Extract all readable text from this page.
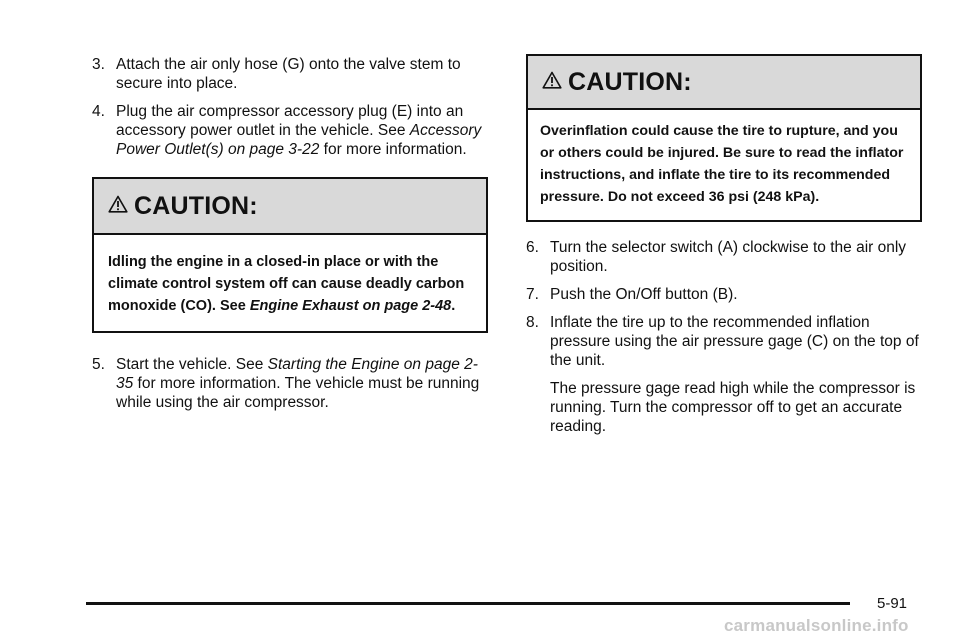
3. Attach the air only hose (G) onto the valve stem to secure into place.
4. Plug the air compressor accessory plug (E) into an accessory power outlet in the vehicle. See Accessory Power Outlet(s) on page 3-22 for more information.
CAUTION:
Idling the engine in a closed-in place or with the climate control system off can cause deadly carbon monoxide (CO). See Engine Exhaust on page 2-48.
5. Start the vehicle. See Starting the Engine on page 2-35 for more information. The vehicle must be running while using the air compressor.
CAUTION:
Overinflation could cause the tire to rupture, and you or others could be injured. Be sure to read the inflator instructions, and inflate the tire to its recommended pressure. Do not exceed 36 psi (248 kPa).
6. Turn the selector switch (A) clockwise to the air only position.
7. Push the On/Off button (B).
8. Inflate the tire up to the recommended inflation pressure using the air pressure gage (C) on the top of the unit.
The pressure gage read high while the compressor is running. Turn the compressor off to get an accurate reading.
5-91
carmanualsonline.info
